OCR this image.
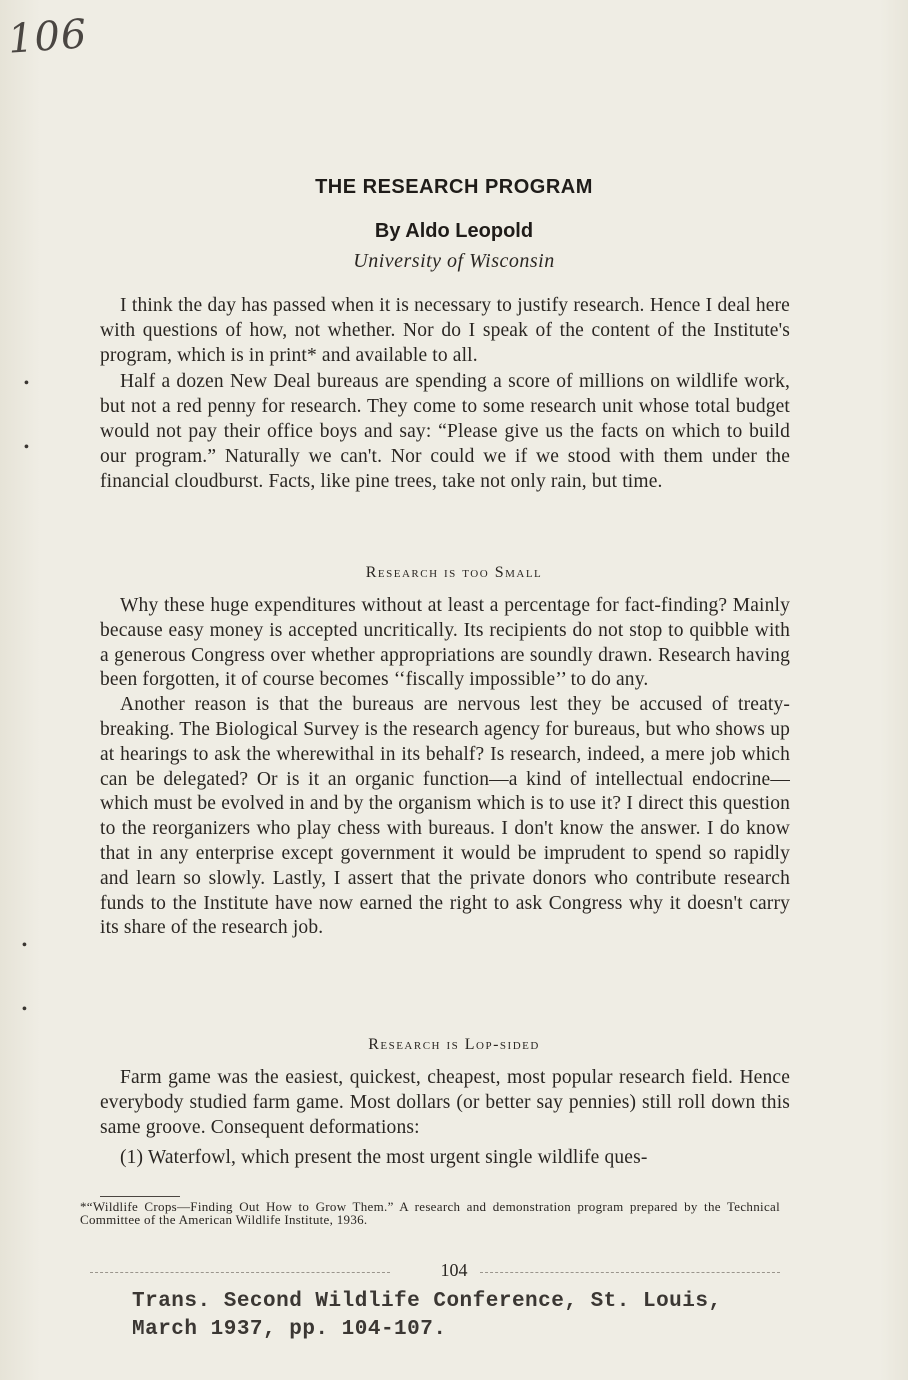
106
THE RESEARCH PROGRAM
By Aldo Leopold
University of Wisconsin

I think the day has passed when it is necessary to justify research. Hence I deal here with questions of how, not whether. Nor do I speak of the content of the Institute's program, which is in print* and available to all.

Half a dozen New Deal bureaus are spending a score of millions on wildlife work, but not a red penny for research. They come to some research unit whose total budget would not pay their office boys and say: “Please give us the facts on which to build our program.” Naturally we can't. Nor could we if we stood with them under the financial cloudburst. Facts, like pine trees, take not only rain, but time.

Research is too Small

Why these huge expenditures without at least a percentage for fact-finding? Mainly because easy money is accepted uncritically. Its recipients do not stop to quibble with a generous Congress over whether appropriations are soundly drawn. Research having been forgotten, it of course becomes ‘‘fiscally impossible’’ to do any.

Another reason is that the bureaus are nervous lest they be accused of treaty-breaking. The Biological Survey is the research agency for bureaus, but who shows up at hearings to ask the wherewithal in its behalf? Is research, indeed, a mere job which can be delegated? Or is it an organic function—a kind of intellectual endocrine—which must be evolved in and by the organism which is to use it? I direct this question to the reorganizers who play chess with bureaus. I don't know the answer. I do know that in any enterprise except government it would be imprudent to spend so rapidly and learn so slowly. Lastly, I assert that the private donors who contribute research funds to the Institute have now earned the right to ask Congress why it doesn't carry its share of the research job.

Research is Lop-sided

Farm game was the easiest, quickest, cheapest, most popular research field. Hence everybody studied farm game. Most dollars (or better say pennies) still roll down this same groove. Consequent deformations:

(1) Waterfowl, which present the most urgent single wildlife ques-

*“Wildlife Crops—Finding Out How to Grow Them.” A research and demonstration program prepared by the Technical Committee of the American Wildlife Institute, 1936.
104
Trans. Second Wildlife Conference, St. Louis,
March 1937, pp. 104-107.
•
•
•
•
